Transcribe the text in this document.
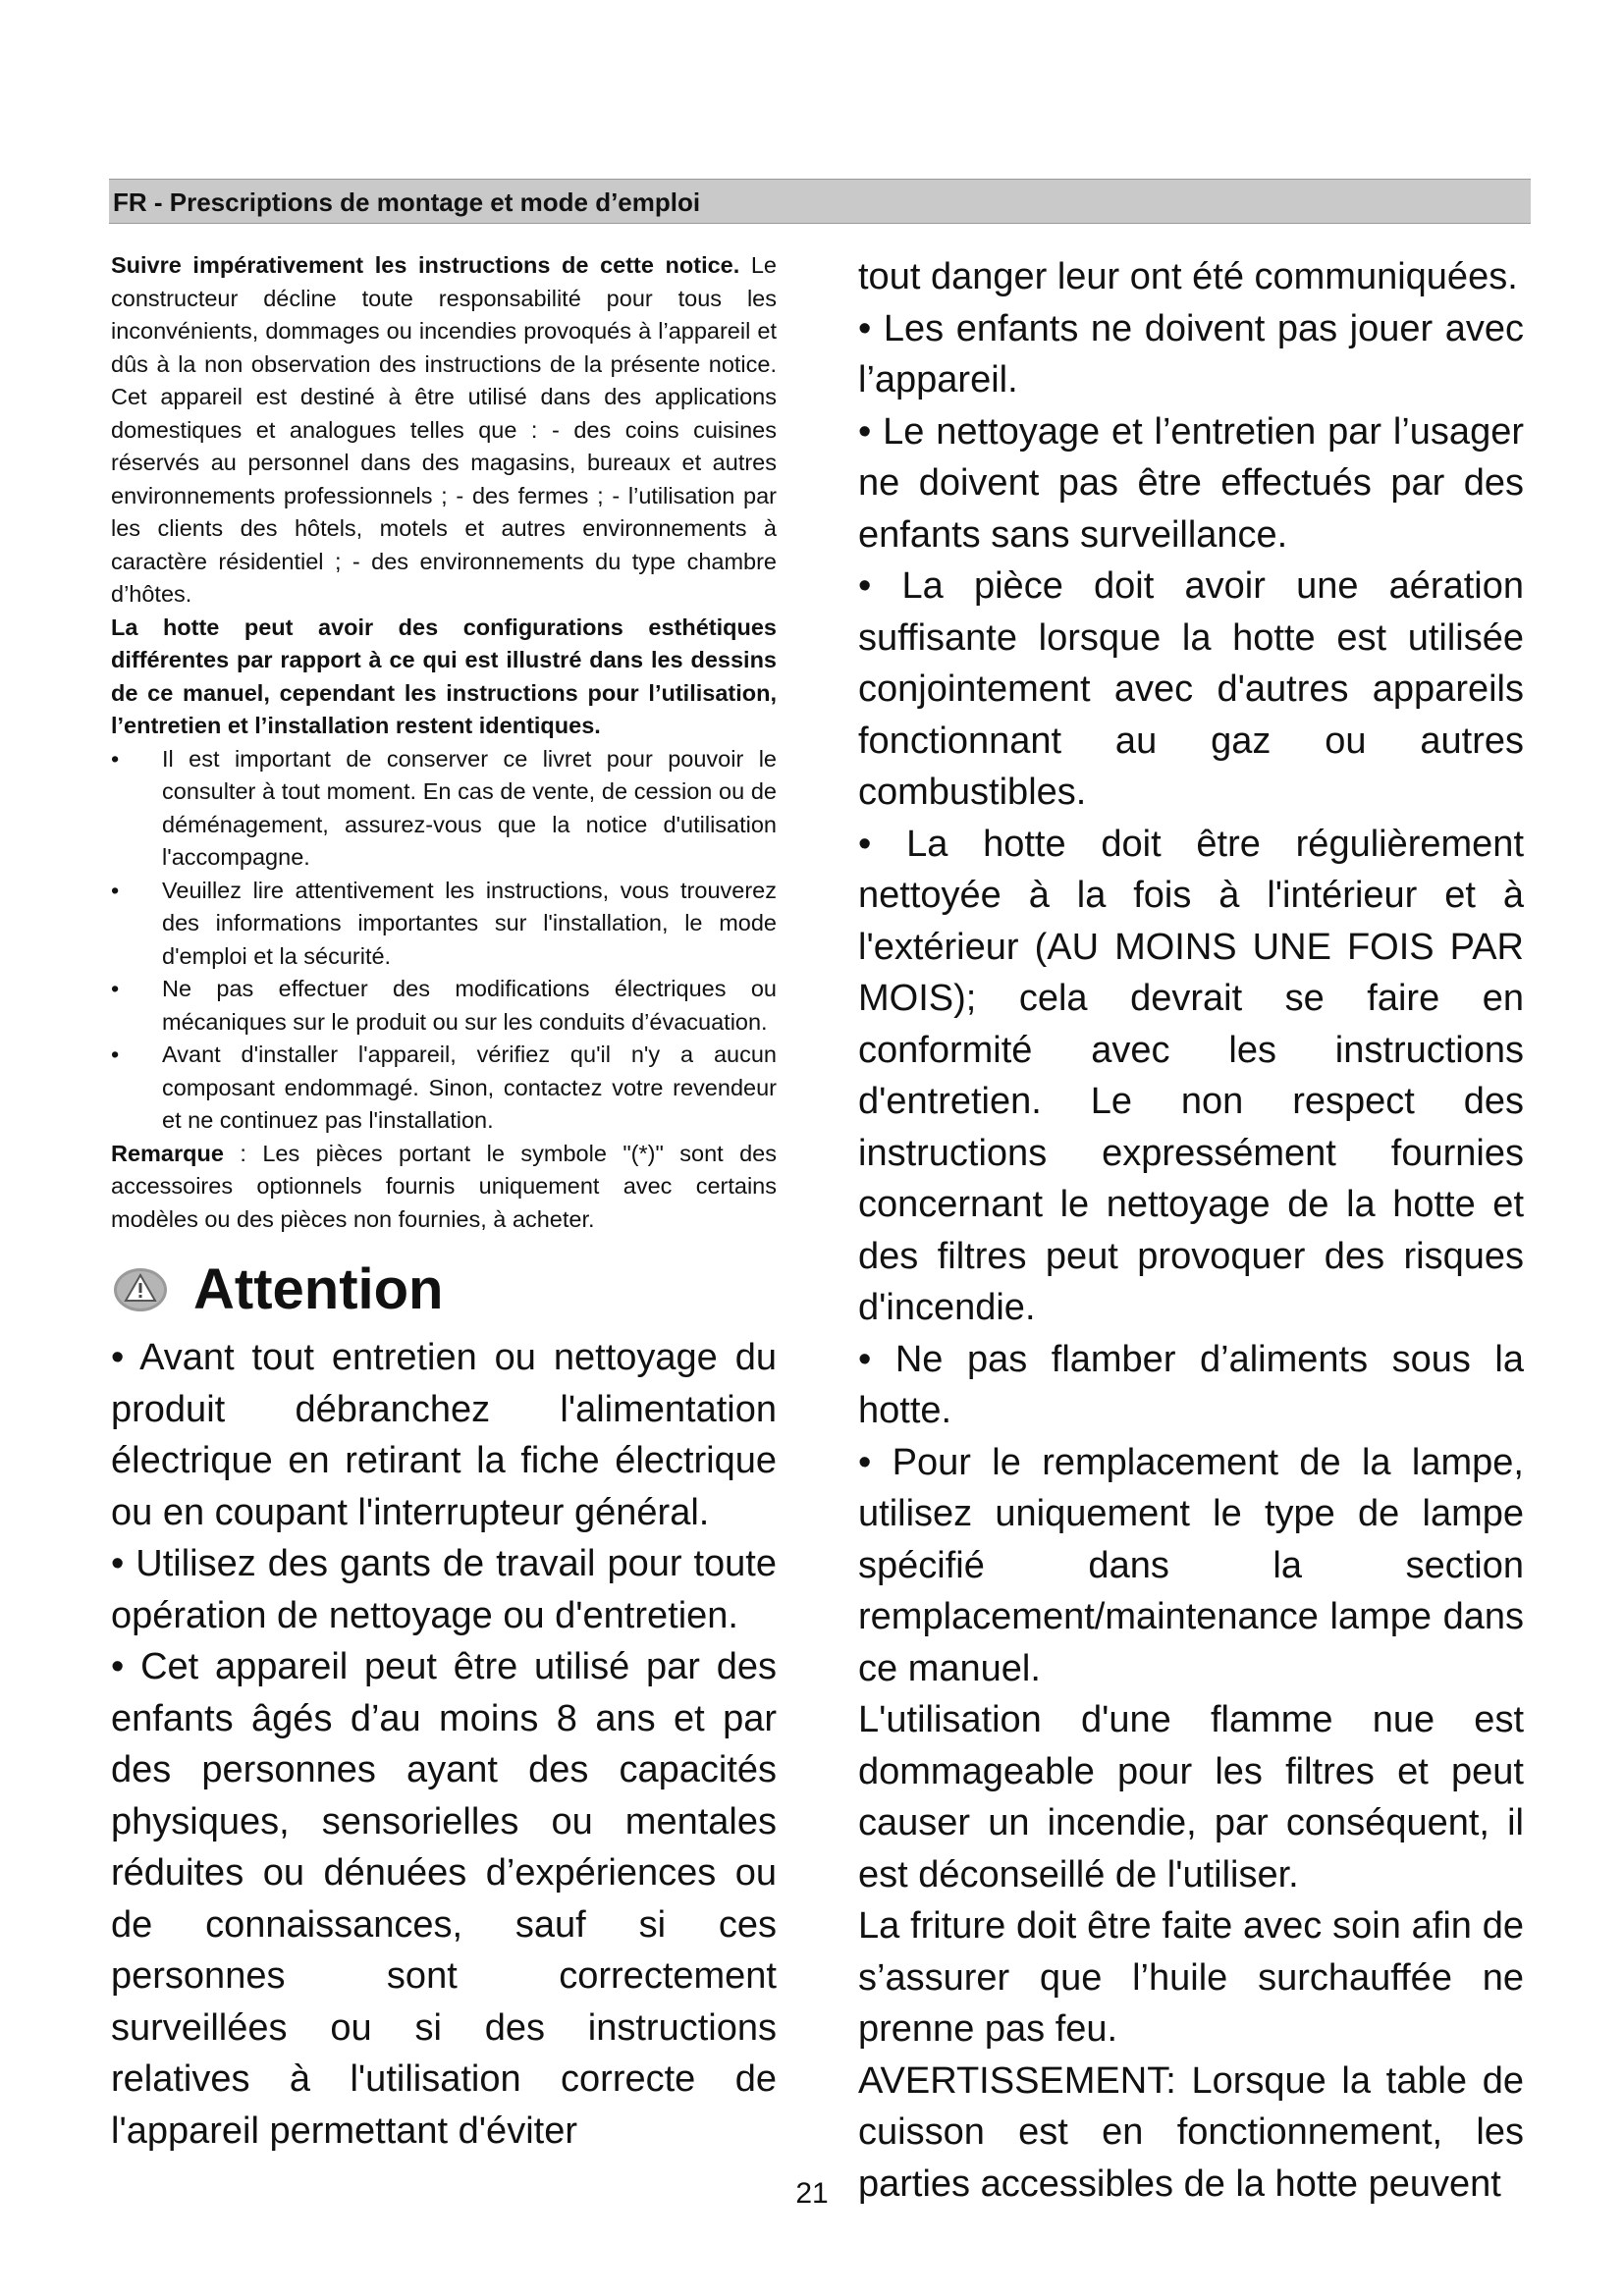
FR - Prescriptions de montage et mode d’emploi

Suivre impérativement les instructions de cette notice. Le constructeur décline toute responsabilité pour tous les inconvénients, dommages ou incendies provoqués à l’appareil et dûs à la non observation des instructions de la présente notice. Cet appareil est destiné à être utilisé dans des applications domestiques et analogues telles que : - des coins cuisines réservés au personnel dans des magasins, bureaux et autres environnements professionnels ; - des fermes ; - l’utilisation par les clients des hôtels, motels et autres environnements à caractère résidentiel ; - des environnements du type chambre d’hôtes.

La hotte peut avoir des configurations esthétiques différentes par rapport à ce qui est illustré dans les dessins de ce manuel, cependant les instructions pour l’utilisation, l’entretien et l’installation restent identiques.

• Il est important de conserver ce livret pour pouvoir le consulter à tout moment. En cas de vente, de cession ou de déménagement, assurez-vous que la notice d'utilisation l'accompagne.
• Veuillez lire attentivement les instructions, vous trouverez des informations importantes sur l'installation, le mode d'emploi et la sécurité.
• Ne pas effectuer des modifications électriques ou mécaniques sur le produit ou sur les conduits d’évacuation.
• Avant d'installer l'appareil, vérifiez qu'il n'y a aucun composant endommagé. Sinon, contactez votre revendeur et ne continuez pas l'installation.

Remarque : Les pièces portant le symbole "(*)" sont des accessoires optionnels fournis uniquement avec certains modèles ou des pièces non fournies, à acheter.

Attention

• Avant tout entretien ou nettoyage du produit débranchez l'alimentation électrique en retirant la fiche électrique ou en coupant l'interrupteur général.

• Utilisez des gants de travail pour toute opération de nettoyage ou d'entretien.

• Cet appareil peut être utilisé par des enfants âgés d’au moins 8 ans et par des personnes ayant des capacités physiques, sensorielles ou mentales réduites ou dénuées d’expériences ou de connaissances, sauf si ces personnes sont correctement surveillées ou si des instructions relatives à l'utilisation correcte de l'appareil permettant d'éviter

tout danger leur ont été communiquées.

• Les enfants ne doivent pas jouer avec l’appareil.

• Le nettoyage et l’entretien par l’usager ne doivent pas être effectués par des enfants sans surveillance.

• La pièce doit avoir une aération suffisante lorsque la hotte est utilisée conjointement avec d'autres appareils fonctionnant au gaz ou autres combustibles.

• La hotte doit être régulièrement nettoyée à la fois à l'intérieur et à l'extérieur (AU MOINS UNE FOIS PAR MOIS); cela devrait se faire en conformité avec les instructions d'entretien. Le non respect des instructions expressément fournies concernant le nettoyage de la hotte et des filtres peut provoquer des risques d'incendie.

• Ne pas flamber d’aliments sous la hotte.

• Pour le remplacement de la lampe, utilisez uniquement le type de lampe spécifié dans la section remplacement/maintenance lampe dans ce manuel.

L'utilisation d'une flamme nue est dommageable pour les filtres et peut causer un incendie, par conséquent, il est déconseillé de l'utiliser.

La friture doit être faite avec soin afin de s’assurer que l’huile surchauffée ne prenne pas feu.

AVERTISSEMENT: Lorsque la table de cuisson est en fonctionnement, les parties accessibles de la hotte peuvent

21
